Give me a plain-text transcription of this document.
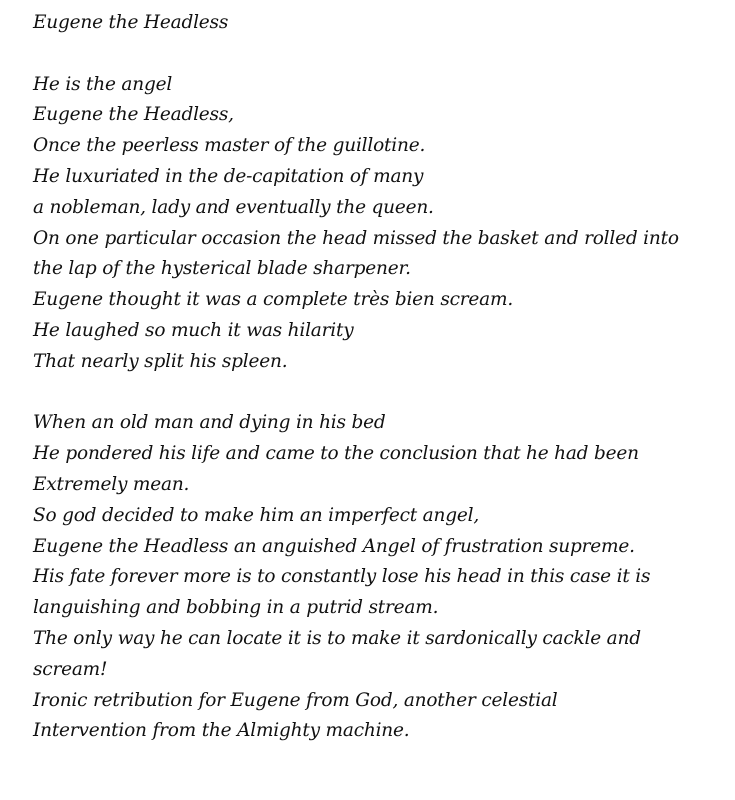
Eugene the Headless
He is the angel
Eugene the Headless,
Once the peerless master of the guillotine.
He luxuriated in the de-capitation of many
a nobleman, lady and eventually the queen.
On one particular occasion the head missed the basket and rolled into
the lap of the hysterical blade sharpener.
Eugene thought it was a complete très bien scream.
He laughed so much it was hilarity
That nearly split his spleen.
When an old man and dying in his bed
He pondered his life and came to the conclusion that he had been
Extremely mean.
So god decided to make him an imperfect angel,
Eugene the Headless an anguished Angel of frustration supreme.
His fate forever more is to constantly lose his head in this case it is
languishing and bobbing in a putrid stream.
The only way he can locate it is to make it sardonically cackle and
scream!
Ironic retribution for Eugene from God, another celestial
Intervention from the Almighty machine.
